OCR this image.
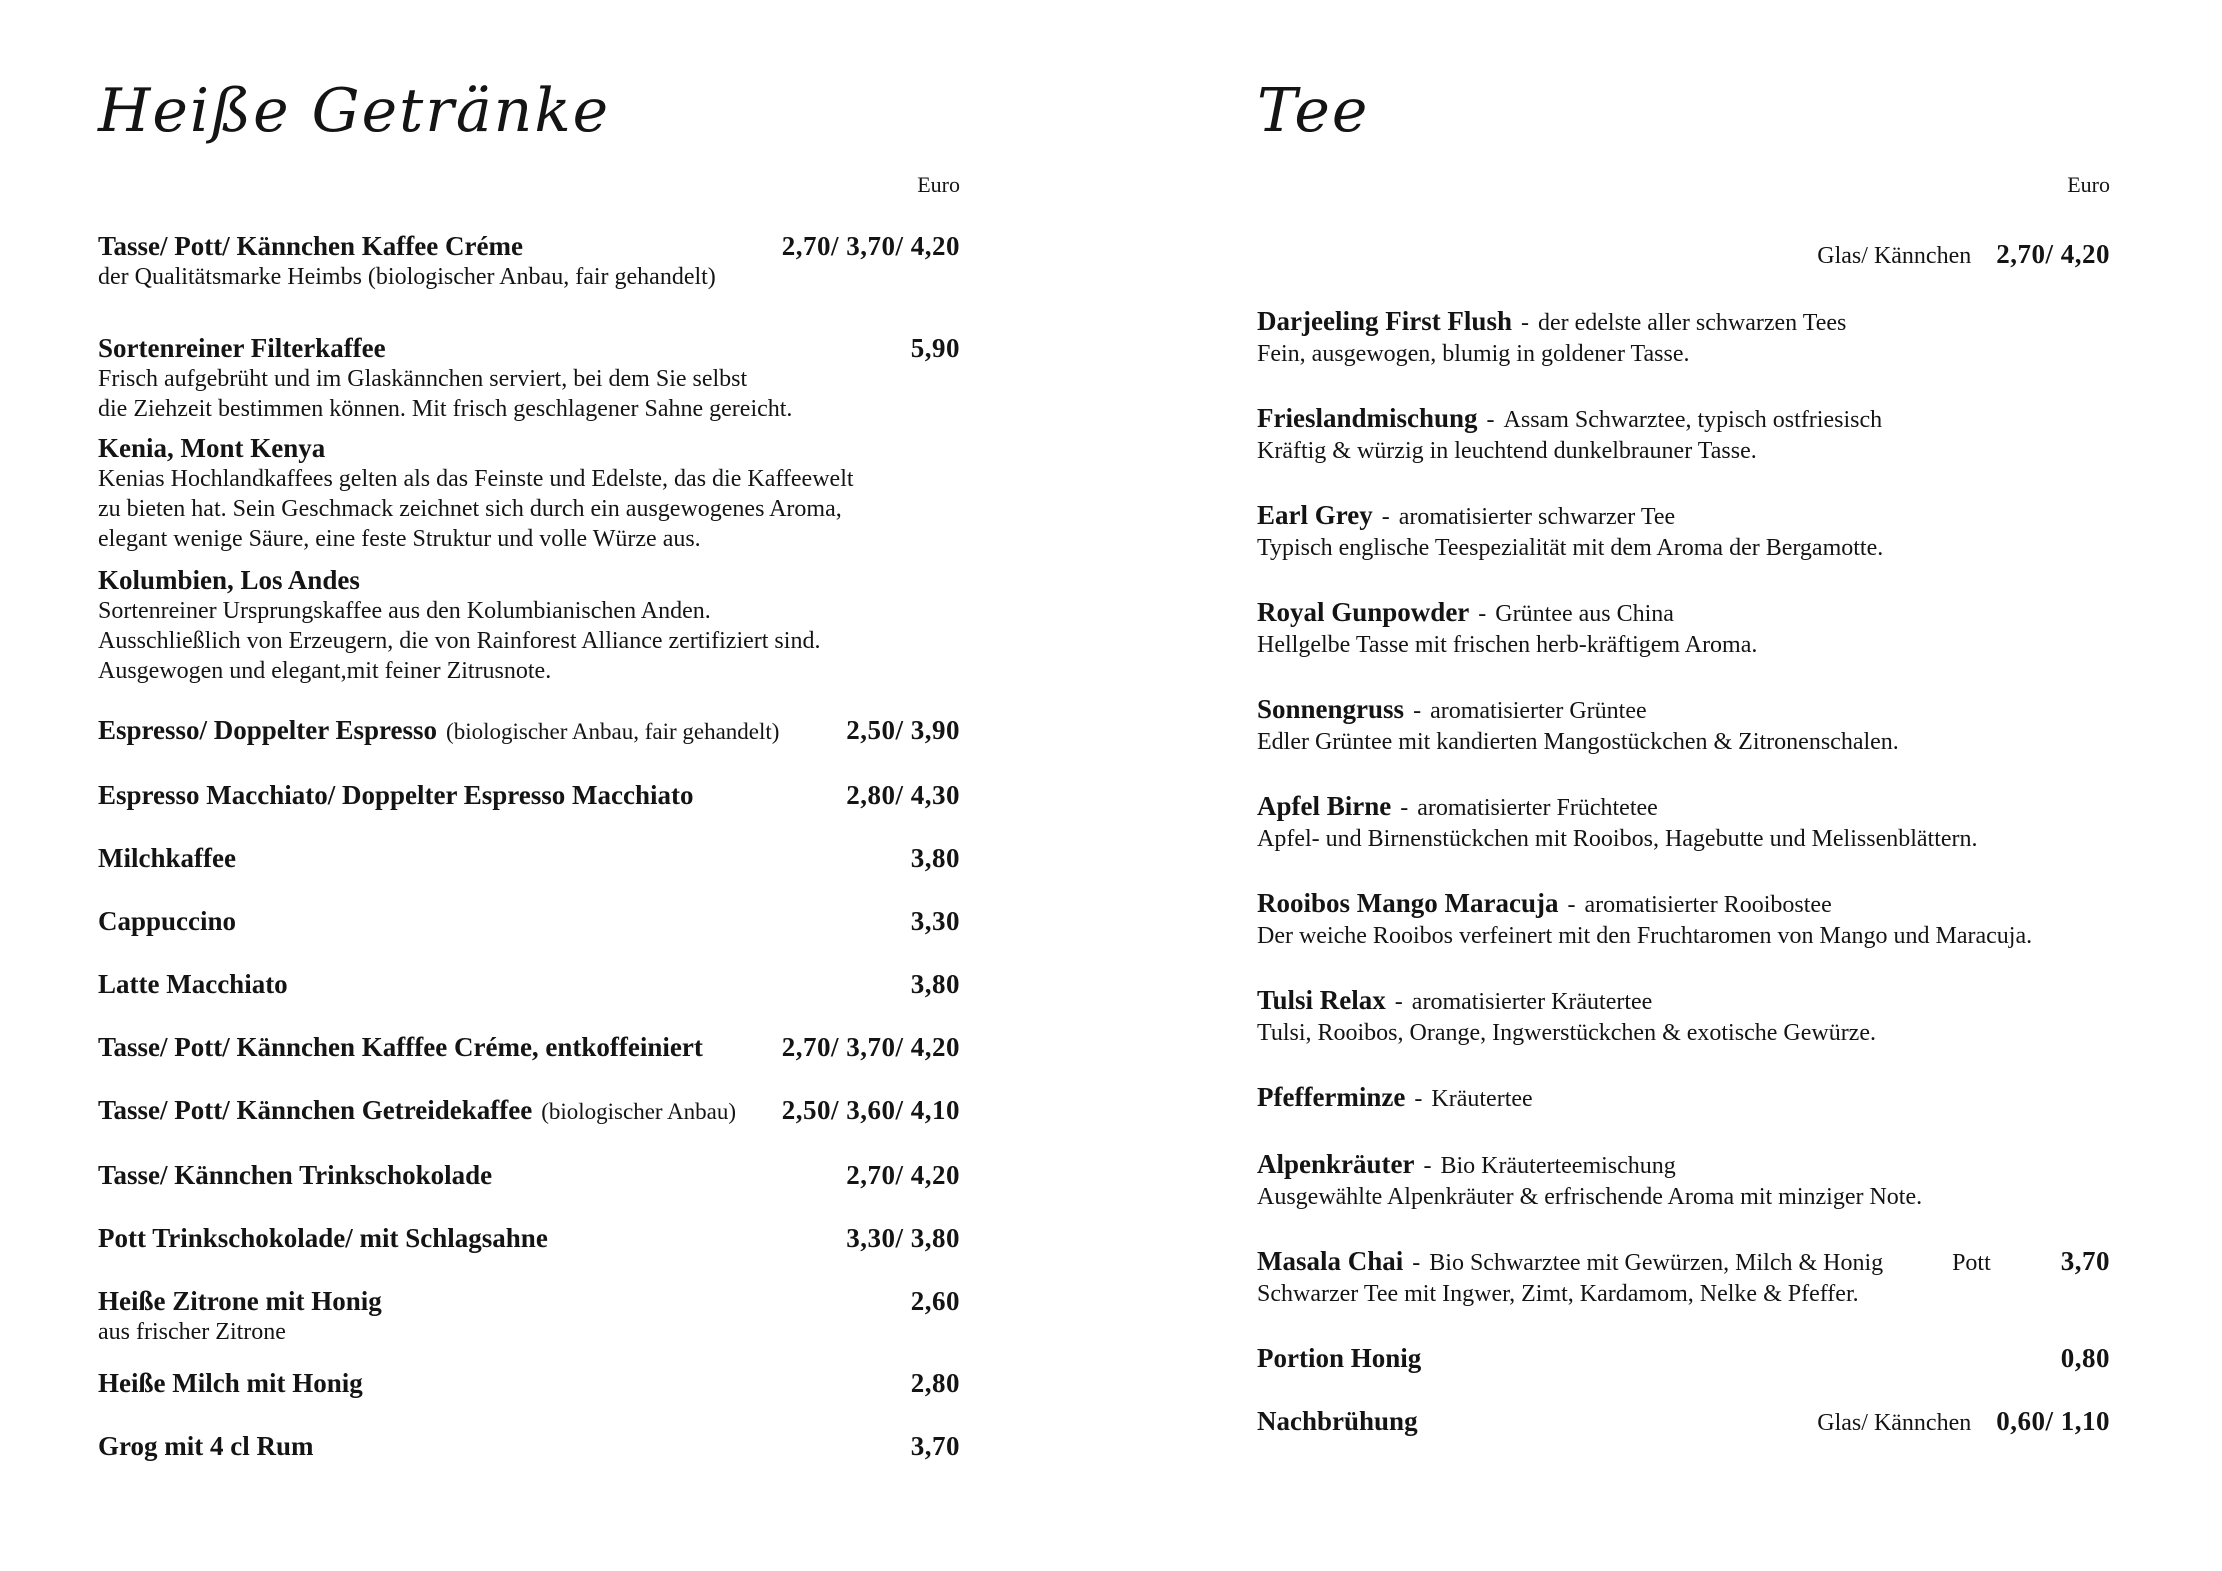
Heiße Getränke
Euro
Tasse/ Pott/ Kännchen Kaffee Créme	2,70/ 3,70/ 4,20
der Qualitätsmarke Heimbs (biologischer Anbau, fair gehandelt)
Sortenreiner Filterkaffee	5,90
Frisch aufgebrüht und im Glaskännchen serviert, bei dem Sie selbst
die Ziehzeit bestimmen können. Mit frisch geschlagener Sahne gereicht.
Kenia, Mont Kenya
Kenias Hochlandkaffees gelten als das Feinste und Edelste, das die Kaffeewelt
zu bieten hat. Sein Geschmack zeichnet sich durch ein ausgewogenes Aroma,
elegant wenige Säure, eine feste Struktur und volle Würze aus.
Kolumbien, Los Andes
Sortenreiner Ursprungskaffee aus den Kolumbianischen Anden.
Ausschließlich von Erzeugern, die von Rainforest Alliance zertifiziert sind.
Ausgewogen und elegant,mit feiner Zitrusnote.
Espresso/ Doppelter Espresso (biologischer Anbau, fair gehandelt) 2,50/ 3,90
Espresso Macchiato/ Doppelter Espresso Macchiato	2,80/ 4,30
Milchkaffee	3,80
Cappuccino	3,30
Latte Macchiato	3,80
Tasse/ Pott/ Kännchen Kafffee Créme, entkoffeiniert	2,70/ 3,70/ 4,20
Tasse/ Pott/ Kännchen Getreidekaffee (biologischer Anbau) 2,50/ 3,60/ 4,10
Tasse/ Kännchen Trinkschokolade	2,70/ 4,20
Pott Trinkschokolade/ mit Schlagsahne	3,30/ 3,80
Heiße Zitrone mit Honig	2,60
aus frischer Zitrone
Heiße Milch mit Honig	2,80
Grog mit 4 cl Rum	3,70
Tee
Euro
Glas/ Kännchen 2,70/ 4,20
Darjeeling First Flush - der edelste aller schwarzen Tees
Fein, ausgewogen, blumig in goldener Tasse.
Frieslandmischung - Assam Schwarztee, typisch ostfriesisch
Kräftig & würzig in leuchtend dunkelbrauner Tasse.
Earl Grey - aromatisierter schwarzer Tee
Typisch englische Teespezialität mit dem Aroma der Bergamotte.
Royal Gunpowder - Grüntee aus China
Hellgelbe Tasse mit frischen herb-kräftigem Aroma.
Sonnengruss - aromatisierter Grüntee
Edler Grüntee mit kandierten Mangostückchen & Zitronenschalen.
Apfel Birne - aromatisierter Früchtetee
Apfel- und Birnenstückchen mit Rooibos, Hagebutte und Melissenblättern.
Rooibos Mango Maracuja - aromatisierter Rooibostee
Der weiche Rooibos verfeinert mit den Fruchtaromen von Mango und Maracuja.
Tulsi Relax - aromatisierter Kräutertee
Tulsi, Rooibos, Orange, Ingwerstückchen & exotische Gewürze.
Pfefferminze - Kräutertee
Alpenkräuter - Bio Kräuterteemischung
Ausgewählte Alpenkräuter & erfrischende Aroma mit minziger Note.
Masala Chai - Bio Schwarztee mit Gewürzen, Milch & Honig	Pott	3,70
Schwarzer Tee mit Ingwer, Zimt, Kardamom, Nelke & Pfeffer.
Portion Honig	0,80
Nachbrühung	Glas/ Kännchen 0,60/ 1,10
